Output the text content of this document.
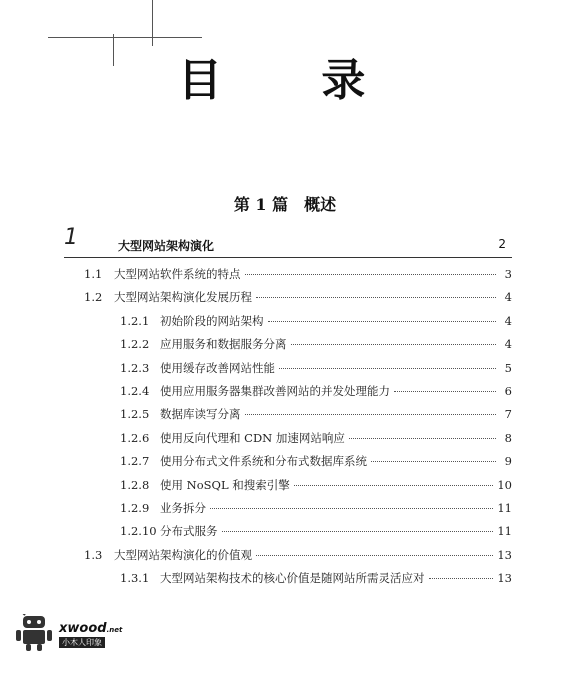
目 录
第 1 篇　概述
1	大型网站架构演化	2
1.1	大型网站软件系统的特点	3
1.2	大型网站架构演化发展历程	4
1.2.1 初始阶段的网站架构	4
1.2.2 应用服务和数据服务分离	4
1.2.3 使用缓存改善网站性能	5
1.2.4 使用应用服务器集群改善网站的并发处理能力	6
1.2.5 数据库读写分离	7
1.2.6 使用反向代理和 CDN 加速网站响应	8
1.2.7 使用分布式文件系统和分布式数据库系统	9
1.2.8 使用 NoSQL 和搜索引擎	10
1.2.9 业务拆分	11
1.2.10 分布式服务	11
1.3	大型网站架构演化的价值观	13
1.3.1 大型网站架构技术的核心价值是随网站所需灵活应对	13
xwood.net
小木人印象
